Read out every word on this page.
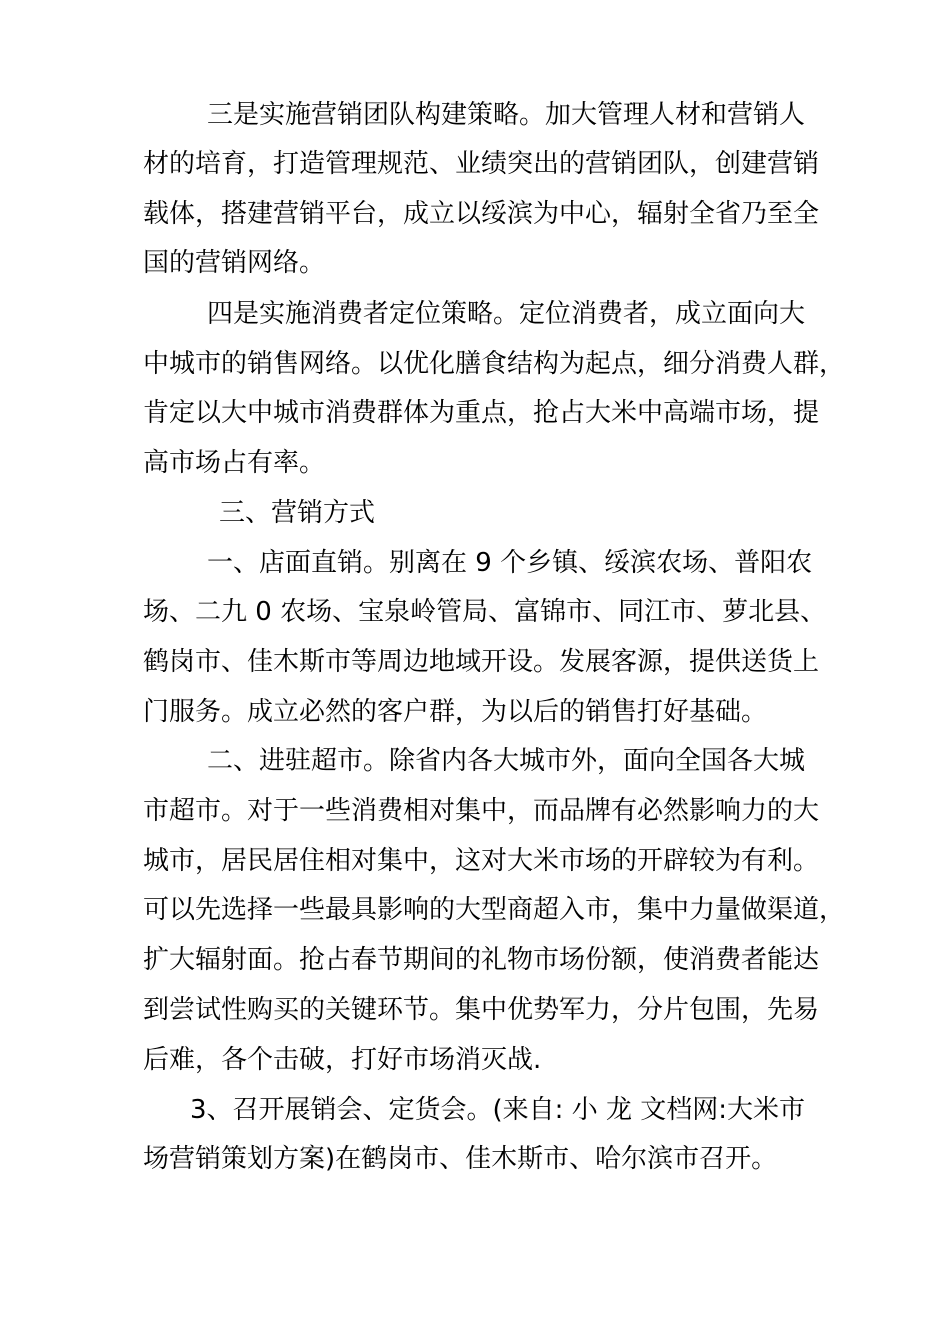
三是实施营销团队构建策略。加大管理人材和营销人
材的培育，打造管理规范、业绩突出的营销团队，创建营销
载体，搭建营销平台，成立以绥滨为中心，辐射全省乃至全
国的营销网络。
四是实施消费者定位策略。定位消费者，成立面向大
中城市的销售网络。以优化膳食结构为起点，细分消费人群，
肯定以大中城市消费群体为重点，抢占大米中高端市场，提
高市场占有率。
三、营销方式
一、店面直销。别离在 9 个乡镇、绥滨农场、普阳农
场、二九 0 农场、宝泉岭管局、富锦市、同江市、萝北县、
鹤岗市、佳木斯市等周边地域开设。发展客源，提供送货上
门服务。成立必然的客户群，为以后的销售打好基础。
二、进驻超市。除省内各大城市外，面向全国各大城
市超市。对于一些消费相对集中，而品牌有必然影响力的大
城市，居民居住相对集中，这对大米市场的开辟较为有利。
可以先选择一些最具影响的大型商超入市，集中力量做渠道，
扩大辐射面。抢占春节期间的礼物市场份额，使消费者能达
到尝试性购买的关键环节。集中优势军力，分片包围，先易
后难，各个击破，打好市场消灭战.
3、召开展销会、定货会。(来自: 小 龙 文档网:大米市
场营销策划方案)在鹤岗市、佳木斯市、哈尔滨市召开。
